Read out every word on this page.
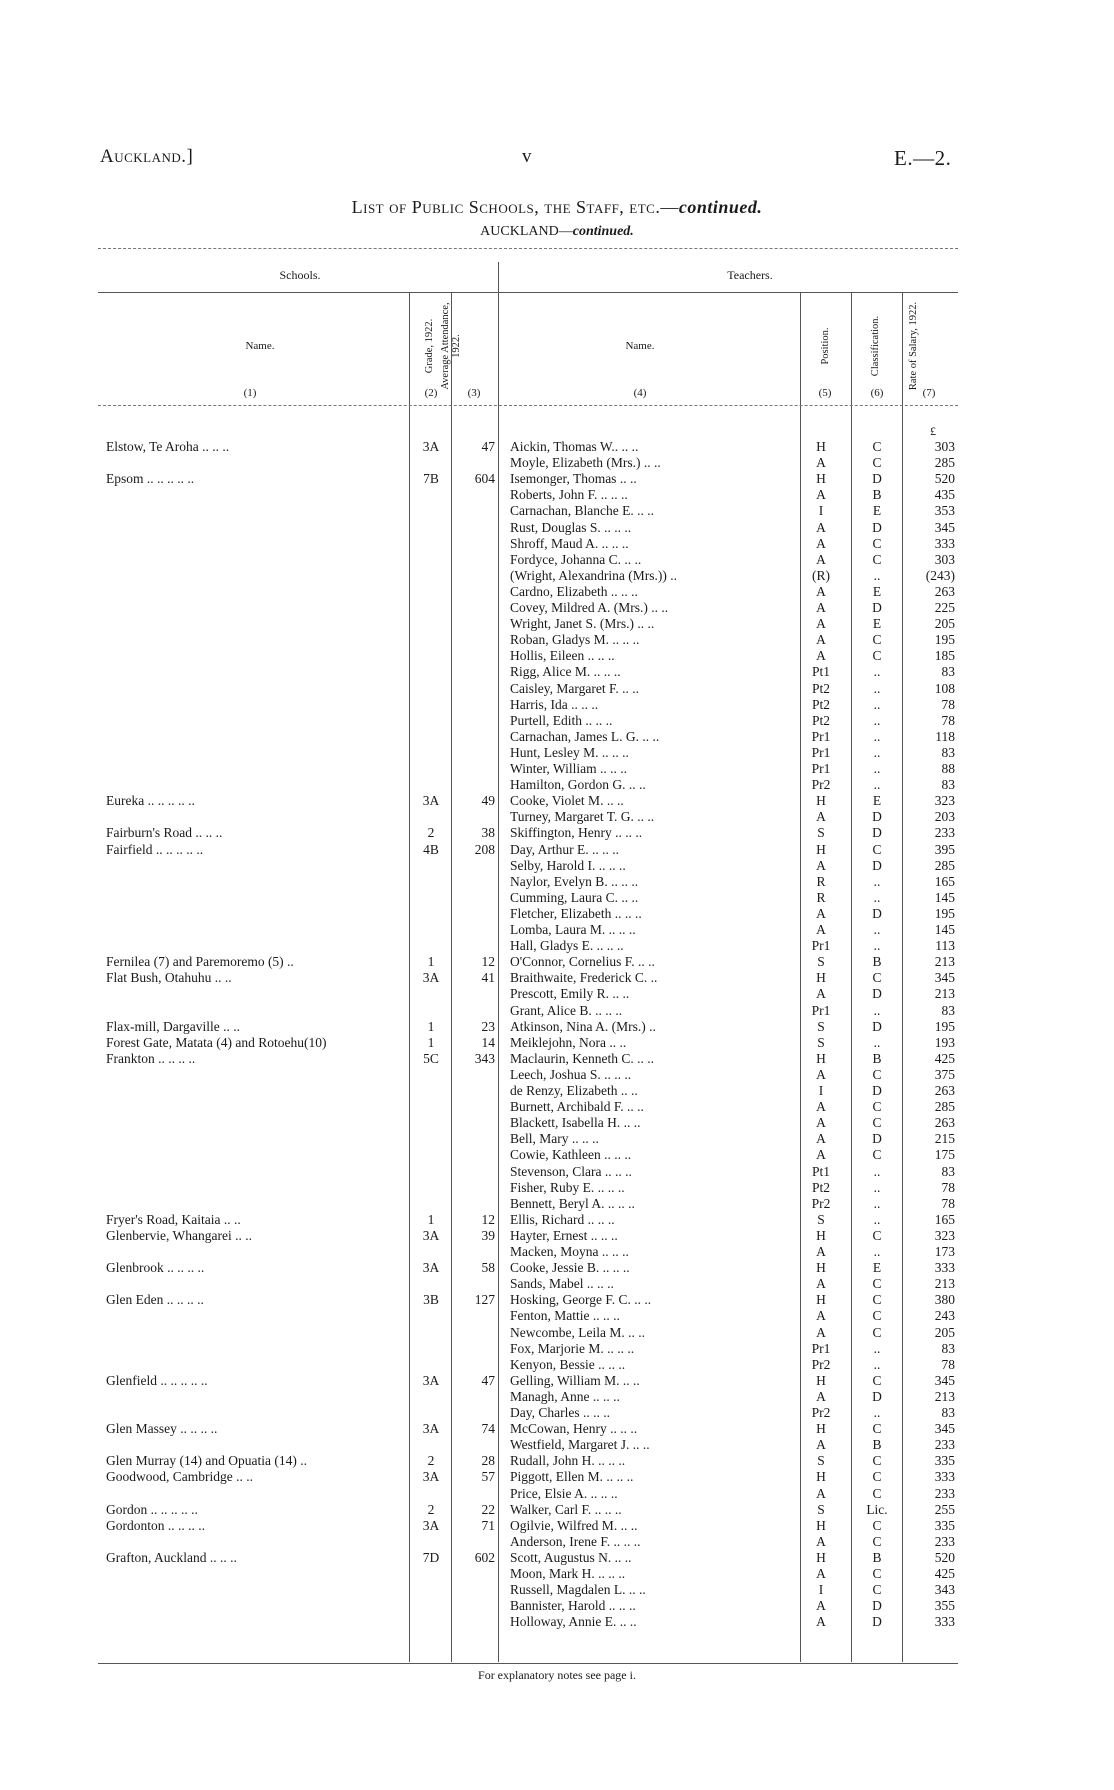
Auckland.]	v	E.—2.
List of Public Schools, the Staff, etc.—continued.
AUCKLAND—continued.
Schools.	Teachers.
Name.	Name.
Grade, 1922. Average Attendance, 1922.	Position.	Classification.	Rate of Salary, 1922.
(1)	(2)	(3)	(4)	(5)	(6)	(7)
£
Elstow, Te Aroha .. .. ..	3A	47 Aickin, Thomas W.. .. ..	H	C	303
Moyle, Elizabeth (Mrs.) .. ..	A	C	285
Epsom .. .. .. .. ..	7B	604 Isemonger, Thomas .. ..	H	D	520
Roberts, John F. .. .. ..	A	B	435
Carnachan, Blanche E. .. ..	I	E	353
Rust, Douglas S. .. .. ..	A	D	345
Shroff, Maud A. .. .. ..	A	C	333
Fordyce, Johanna C. .. ..	A	C	303
(Wright, Alexandrina (Mrs.)) ..	(R)	..	(243)
Cardno, Elizabeth .. .. ..	A	E	263
Covey, Mildred A. (Mrs.) .. ..	A	D	225
Wright, Janet S. (Mrs.) .. ..	A	E	205
Roban, Gladys M. .. .. ..	A	C	195
Hollis, Eileen .. .. ..	A	C	185
Rigg, Alice M. .. .. ..	Pt1	..	83
Caisley, Margaret F. .. ..	Pt2	..	108
Harris, Ida .. .. ..	Pt2	..	78
Purtell, Edith .. .. ..	Pt2	..	78
Carnachan, James L. G. .. ..	Pr1	..	118
Hunt, Lesley M. .. .. ..	Pr1	..	83
Winter, William .. .. ..	Pr1	..	88
Hamilton, Gordon G. .. ..	Pr2	..	83
Eureka .. .. .. .. ..	3A	49 Cooke, Violet M. .. ..	H	E	323
Turney, Margaret T. G. .. ..	A	D	203
Fairburn's Road .. .. ..	2	38 Skiffington, Henry .. .. ..	S	D	233
Fairfield .. .. .. .. ..	4B	208 Day, Arthur E. .. .. ..	H	C	395
Selby, Harold I. .. .. ..	A	D	285
Naylor, Evelyn B. .. .. ..	R	..	165
Cumming, Laura C. .. ..	R	..	145
Fletcher, Elizabeth .. .. ..	A	D	195
Lomba, Laura M. .. .. ..	A	..	145
Hall, Gladys E. .. .. ..	Pr1	..	113
Fernilea (7) and Paremoremo (5) ..	1	12 O'Connor, Cornelius F. .. ..	S	B	213
Flat Bush, Otahuhu .. ..	3A	41 Braithwaite, Frederick C. ..	H	C	345
Prescott, Emily R. .. ..	A	D	213
Grant, Alice B. .. .. ..	Pr1	..	83
Flax-mill, Dargaville .. ..	1	23 Atkinson, Nina A. (Mrs.) ..	S	D	195
Forest Gate, Matata (4) and Rotoehu(10)	1	14 Meiklejohn, Nora .. ..	S	..	193
Frankton .. .. .. ..	5C	343 Maclaurin, Kenneth C. .. ..	H	B	425
Leech, Joshua S. .. .. ..	A	C	375
de Renzy, Elizabeth .. ..	I	D	263
Burnett, Archibald F. .. ..	A	C	285
Blackett, Isabella H. .. ..	A	C	263
Bell, Mary .. .. ..	A	D	215
Cowie, Kathleen .. .. ..	A	C	175
Stevenson, Clara .. .. ..	Pt1	..	83
Fisher, Ruby E. .. .. ..	Pt2	..	78
Bennett, Beryl A. .. .. ..	Pr2	..	78
Fryer's Road, Kaitaia .. ..	1	12 Ellis, Richard .. .. ..	S	..	165
Glenbervie, Whangarei .. ..	3A	39 Hayter, Ernest .. .. ..	H	C	323
Macken, Moyna .. .. ..	A	..	173
Glenbrook .. .. .. ..	3A	58 Cooke, Jessie B. .. .. ..	H	E	333
Sands, Mabel .. .. ..	A	C	213
Glen Eden .. .. .. ..	3B	127 Hosking, George F. C. .. ..	H	C	380
Fenton, Mattie .. .. ..	A	C	243
Newcombe, Leila M. .. ..	A	C	205
Fox, Marjorie M. .. .. ..	Pr1	..	83
Kenyon, Bessie .. .. ..	Pr2	..	78
Glenfield .. .. .. .. ..	3A	47 Gelling, William M. .. ..	H	C	345
Managh, Anne .. .. ..	A	D	213
Day, Charles .. .. ..	Pr2	..	83
Glen Massey .. .. .. ..	3A	74 McCowan, Henry .. .. ..	H	C	345
Westfield, Margaret J. .. ..	A	B	233
Glen Murray (14) and Opuatia (14) ..	2	28 Rudall, John H. .. .. ..	S	C	335
Goodwood, Cambridge .. ..	3A	57 Piggott, Ellen M. .. .. ..	H	C	333
Price, Elsie A. .. .. ..	A	C	233
Gordon .. .. .. .. ..	2	22 Walker, Carl F. .. .. ..	S	Lic.	255
Gordonton .. .. .. ..	3A	71 Ogilvie, Wilfred M. .. ..	H	C	335
Anderson, Irene F. .. .. ..	A	C	233
Grafton, Auckland .. .. ..	7D	602 Scott, Augustus N. .. ..	H	B	520
Moon, Mark H. .. .. ..	A	C	425
Russell, Magdalen L. .. ..	I	C	343
Bannister, Harold .. .. ..	A	D	355
Holloway, Annie E. .. ..	A	D	333
For explanatory notes see page i.
